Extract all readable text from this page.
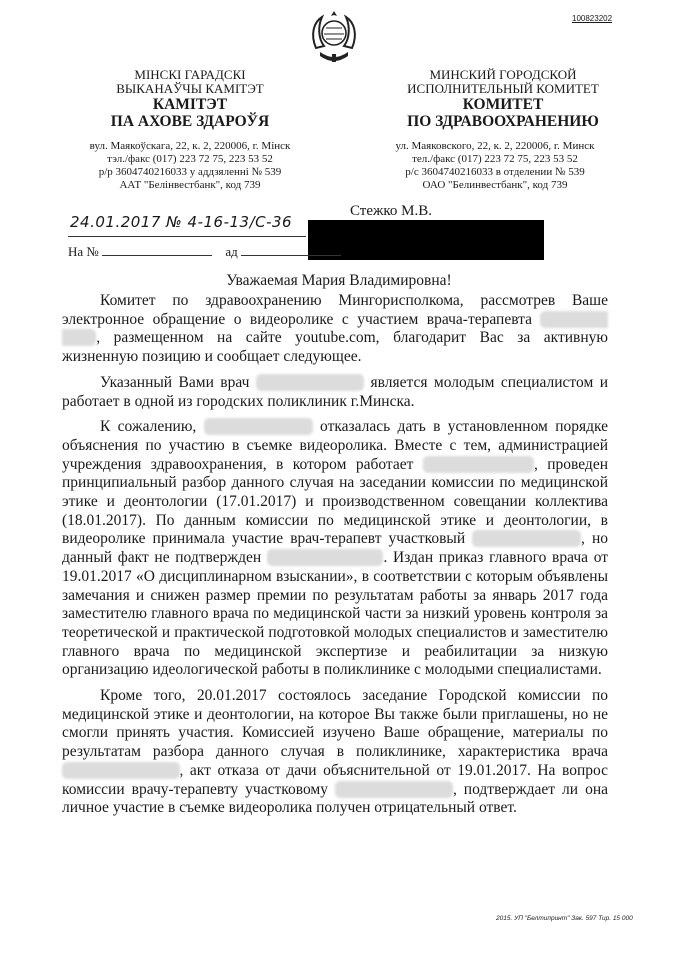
100823202
МІНСКІ ГАРАДСКІ
ВЫКАНАЎЧЫ КАМІТЭТ
КАМІТЭТ
ПА АХОВЕ ЗДАРОЎЯ
МИНСКИЙ ГОРОДСКОЙ
ИСПОЛНИТЕЛЬНЫЙ КОМИТЕТ
КОМИТЕТ
ПО ЗДРАВООХРАНЕНИЮ
вул. Маякоўскага, 22, к. 2, 220006, г. Мінск
тэл./факс (017) 223 72 75, 223 53 52
р/р 3604740216033 у аддзяленні № 539
ААТ "Белінвестбанк", код 739
ул. Маяковского, 22, к. 2, 220006, г. Минск
тел./факс (017) 223 72 75, 223 53 52
р/с 3604740216033 в отделении № 539
ОАО "Белинвестбанк", код 739
24.01.2017 № 4-16-13/С-36
Стежко М.В.
На №	ад
Уважаемая Мария Владимировна!

Комитет по здравоохранению Мингорисполкома, рассмотрев Ваше электронное обращение о видеоролике с участием врача-терапевта , размещенном на сайте youtube.com, благодарит Вас за активную жизненную позицию и сообщает следующее.

Указанный Вами врач	является молодым специалистом и работает в одной из городских поликлиник г.Минска.

К сожалению,	отказалась дать в установленном порядке объяснения по участию в съемке видеоролика. Вместе с тем, администрацией учреждения здравоохранения, в котором работает	, проведен принципиальный разбор данного случая на заседании комиссии по медицинской этике и деонтологии (17.01.2017) и производственном совещании коллектива (18.01.2017). По данным комиссии по медицинской этике и деонтологии, в видеоролике принимала участие врач-терапевт участковый	, но данный факт не подтвержден	. Издан приказ главного врача от 19.01.2017 «О дисциплинарном взыскании», в соответствии с которым объявлены замечания и снижен размер премии по результатам работы за январь 2017 года заместителю главного врача по медицинской части за низкий уровень контроля за теоретической и практической подготовкой молодых специалистов и заместителю главного врача по медицинской экспертизе и реабилитации за низкую организацию идеологической работы в поликлинике с молодыми специалистами.

Кроме того, 20.01.2017 состоялось заседание Городской комиссии по медицинской этике и деонтологии, на которое Вы также были приглашены, но не смогли принять участия. Комиссией изучено Ваше обращение, материалы по результатам разбора данного случая в поликлинике, характеристика врача , акт отказа от дачи объяснительной от 19.01.2017. На вопрос комиссии врачу-терапевту участковому	, подтверждает ли она личное участие в съемке видеоролика получен отрицательный ответ.

2015. УП "Белтипринт" Зак. 597 Тир. 15 000
